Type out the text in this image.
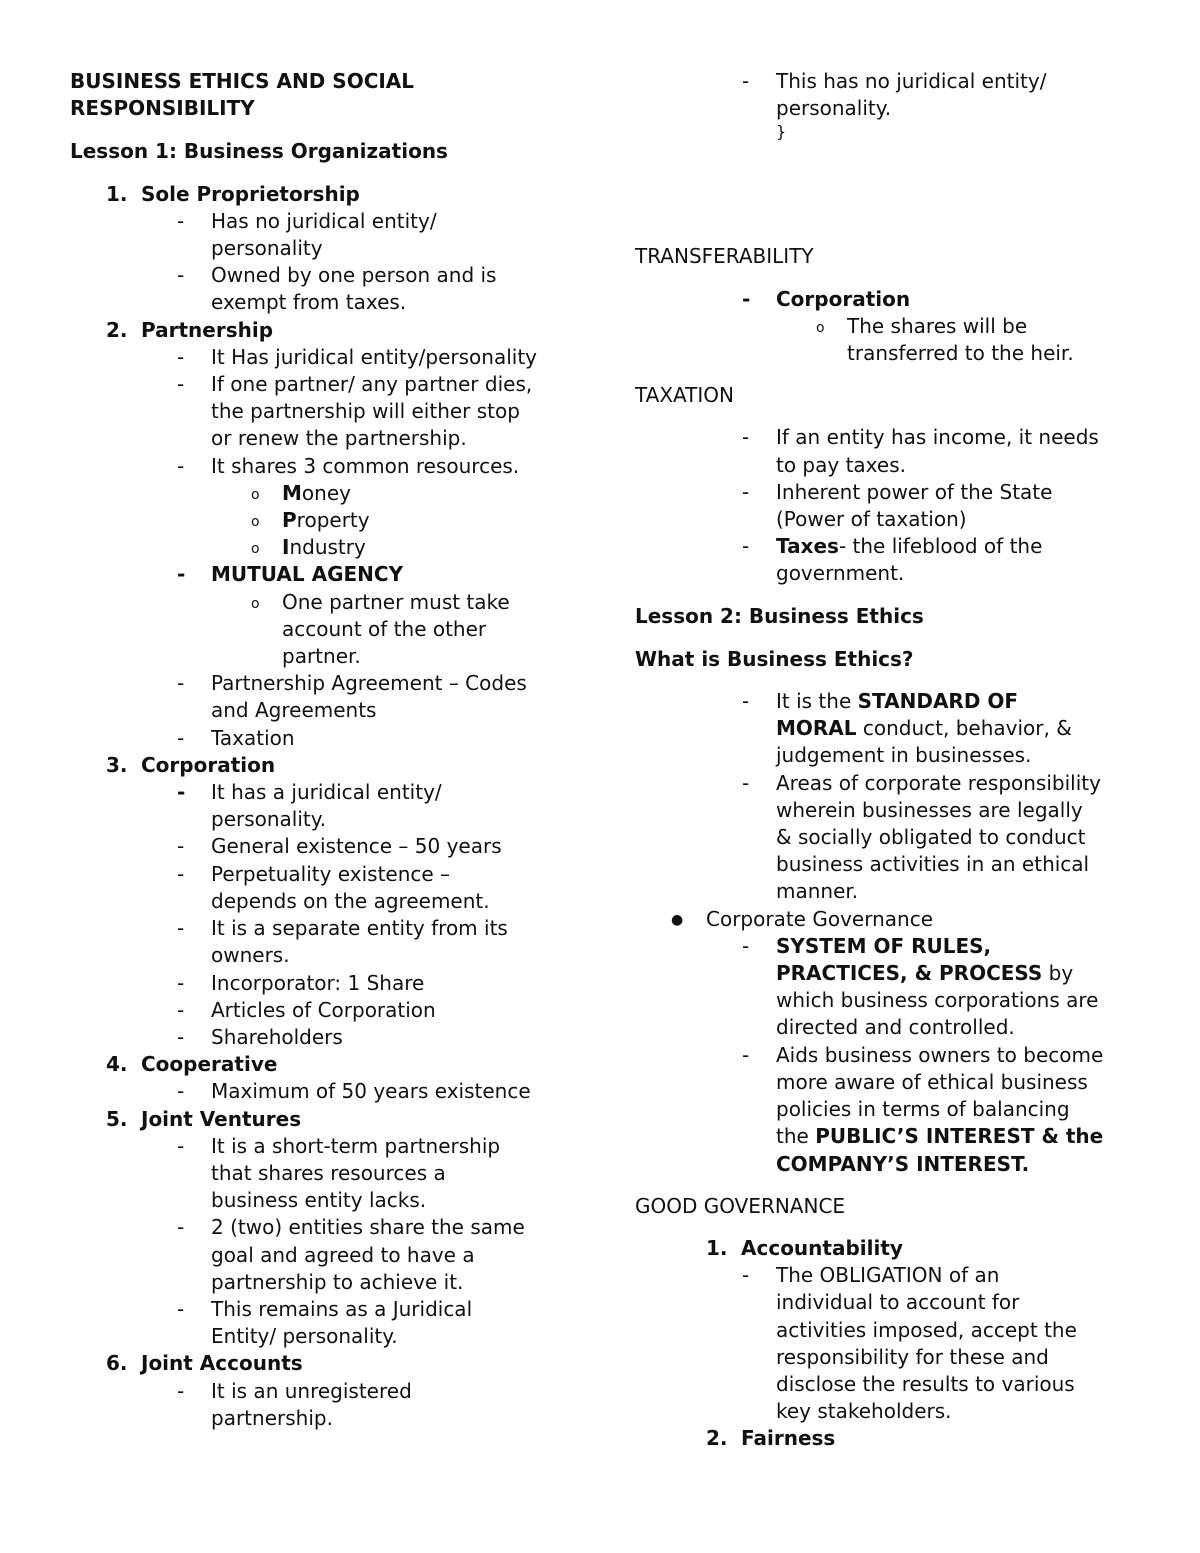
BUSINESS ETHICS AND SOCIAL
RESPONSIBILITY
Lesson 1: Business Organizations
1. Sole Proprietorship
- Has no juridical entity/
personality
- Owned by one person and is
exempt from taxes.
2. Partnership
- It Has juridical entity/personality
- If one partner/ any partner dies,
the partnership will either stop
or renew the partnership.
- It shares 3 common resources.
o Money
o Property
o Industry
- MUTUAL AGENCY
o One partner must take
account of the other
partner.
- Partnership Agreement – Codes
and Agreements
- Taxation
3. Corporation
- It has a juridical entity/
personality.
- General existence – 50 years
- Perpetuality existence –
depends on the agreement.
- It is a separate entity from its
owners.
- Incorporator: 1 Share
- Articles of Corporation
- Shareholders
4. Cooperative
- Maximum of 50 years existence
5. Joint Ventures
- It is a short-term partnership
that shares resources a
business entity lacks.
- 2 (two) entities share the same
goal and agreed to have a
partnership to achieve it.
- This remains as a Juridical
Entity/ personality.
6. Joint Accounts
- It is an unregistered
partnership.
- This has no juridical entity/
personality.
}
TRANSFERABILITY
- Corporation
o The shares will be
transferred to the heir.
TAXATION
- If an entity has income, it needs
to pay taxes.
- Inherent power of the State
(Power of taxation)
- Taxes- the lifeblood of the
government.
Lesson 2: Business Ethics
What is Business Ethics?
- It is the STANDARD OF
MORAL conduct, behavior, &
judgement in businesses.
- Areas of corporate responsibility
wherein businesses are legally
& socially obligated to conduct
business activities in an ethical
manner.
● Corporate Governance
- SYSTEM OF RULES,
PRACTICES, & PROCESS by
which business corporations are
directed and controlled.
- Aids business owners to become
more aware of ethical business
policies in terms of balancing
the PUBLIC’S INTEREST & the
COMPANY’S INTEREST.
GOOD GOVERNANCE
1. Accountability
- The OBLIGATION of an
individual to account for
activities imposed, accept the
responsibility for these and
disclose the results to various
key stakeholders.
2. Fairness
